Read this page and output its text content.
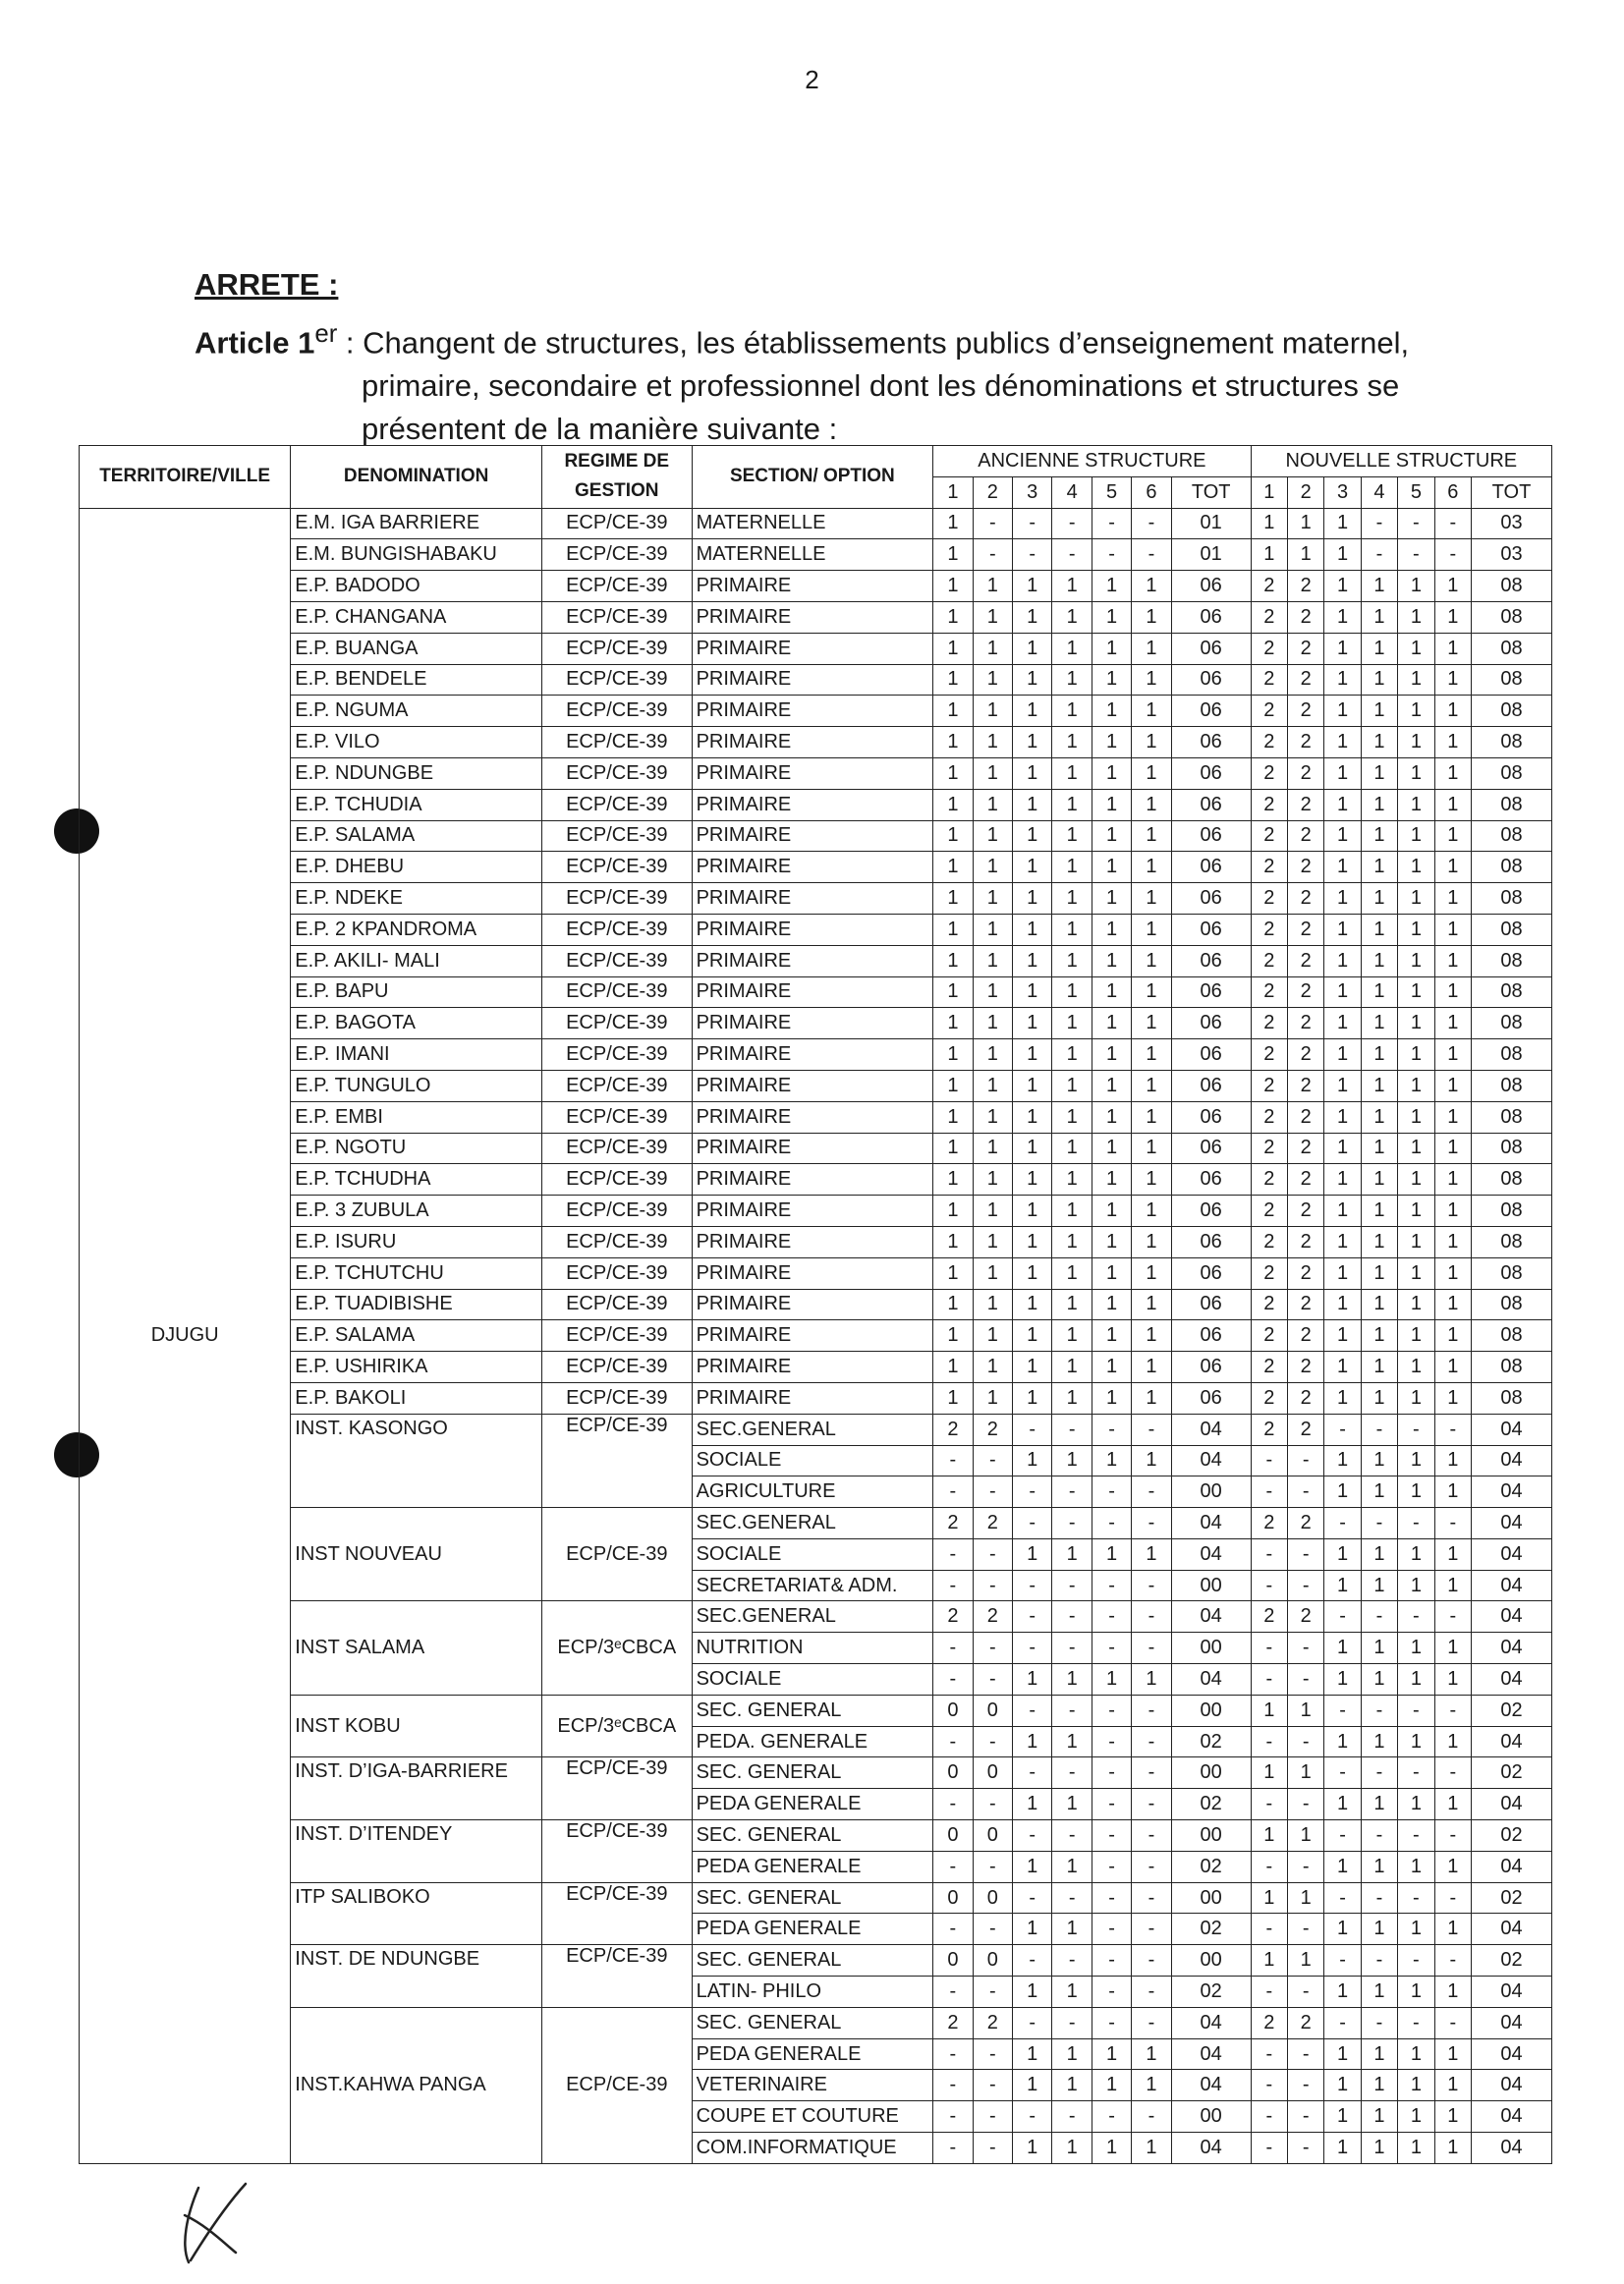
2
ARRETE :
Article 1er : Changent de structures, les établissements publics d’enseignement maternel,
primaire, secondaire et professionnel dont les dénominations et structures se
présentent de la manière suivante :
TERRITOIRE/VILLE	DENOMINATION	REGIME DE GESTION	SECTION/ OPTION	ANCIENNE STRUCTURE							NOUVELLE STRUCTURE						
				1	2	3	4	5	6	TOT	1	2	3	4	5	6	TOT
DJUGU	E.M. IGA BARRIERE	ECP/CE-39	MATERNELLE	1	-	-	-	-	-	01	1	1	1	-	-	-	03
	E.M. BUNGISHABAKU	ECP/CE-39	MATERNELLE	1	-	-	-	-	-	01	1	1	1	-	-	-	03
	E.P. BADODO	ECP/CE-39	PRIMAIRE	1	1	1	1	1	1	06	2	2	1	1	1	1	08
	E.P. CHANGANA	ECP/CE-39	PRIMAIRE	1	1	1	1	1	1	06	2	2	1	1	1	1	08
	E.P. BUANGA	ECP/CE-39	PRIMAIRE	1	1	1	1	1	1	06	2	2	1	1	1	1	08
	E.P. BENDELE	ECP/CE-39	PRIMAIRE	1	1	1	1	1	1	06	2	2	1	1	1	1	08
	E.P. NGUMA	ECP/CE-39	PRIMAIRE	1	1	1	1	1	1	06	2	2	1	1	1	1	08
	E.P. VILO	ECP/CE-39	PRIMAIRE	1	1	1	1	1	1	06	2	2	1	1	1	1	08
	E.P. NDUNGBE	ECP/CE-39	PRIMAIRE	1	1	1	1	1	1	06	2	2	1	1	1	1	08
	E.P. TCHUDIA	ECP/CE-39	PRIMAIRE	1	1	1	1	1	1	06	2	2	1	1	1	1	08
	E.P. SALAMA	ECP/CE-39	PRIMAIRE	1	1	1	1	1	1	06	2	2	1	1	1	1	08
	E.P. DHEBU	ECP/CE-39	PRIMAIRE	1	1	1	1	1	1	06	2	2	1	1	1	1	08
	E.P. NDEKE	ECP/CE-39	PRIMAIRE	1	1	1	1	1	1	06	2	2	1	1	1	1	08
	E.P. 2 KPANDROMA	ECP/CE-39	PRIMAIRE	1	1	1	1	1	1	06	2	2	1	1	1	1	08
	E.P. AKILI- MALI	ECP/CE-39	PRIMAIRE	1	1	1	1	1	1	06	2	2	1	1	1	1	08
	E.P. BAPU	ECP/CE-39	PRIMAIRE	1	1	1	1	1	1	06	2	2	1	1	1	1	08
	E.P. BAGOTA	ECP/CE-39	PRIMAIRE	1	1	1	1	1	1	06	2	2	1	1	1	1	08
	E.P. IMANI	ECP/CE-39	PRIMAIRE	1	1	1	1	1	1	06	2	2	1	1	1	1	08
	E.P. TUNGULO	ECP/CE-39	PRIMAIRE	1	1	1	1	1	1	06	2	2	1	1	1	1	08
	E.P. EMBI	ECP/CE-39	PRIMAIRE	1	1	1	1	1	1	06	2	2	1	1	1	1	08
	E.P. NGOTU	ECP/CE-39	PRIMAIRE	1	1	1	1	1	1	06	2	2	1	1	1	1	08
	E.P. TCHUDHA	ECP/CE-39	PRIMAIRE	1	1	1	1	1	1	06	2	2	1	1	1	1	08
	E.P. 3 ZUBULA	ECP/CE-39	PRIMAIRE	1	1	1	1	1	1	06	2	2	1	1	1	1	08
	E.P. ISURU	ECP/CE-39	PRIMAIRE	1	1	1	1	1	1	06	2	2	1	1	1	1	08
	E.P. TCHUTCHU	ECP/CE-39	PRIMAIRE	1	1	1	1	1	1	06	2	2	1	1	1	1	08
	E.P. TUADIBISHE	ECP/CE-39	PRIMAIRE	1	1	1	1	1	1	06	2	2	1	1	1	1	08
	E.P. SALAMA	ECP/CE-39	PRIMAIRE	1	1	1	1	1	1	06	2	2	1	1	1	1	08
	E.P. USHIRIKA	ECP/CE-39	PRIMAIRE	1	1	1	1	1	1	06	2	2	1	1	1	1	08
	E.P. BAKOLI	ECP/CE-39	PRIMAIRE	1	1	1	1	1	1	06	2	2	1	1	1	1	08
	INST. KASONGO	ECP/CE-39	SEC.GENERAL	2	2	-	-	-	-	04	2	2	-	-	-	-	04
			SOCIALE	-	-	1	1	1	1	04	-	-	1	1	1	1	04
			AGRICULTURE	-	-	-	-	-	-	00	-	-	1	1	1	1	04
	INST NOUVEAU	ECP/CE-39	SEC.GENERAL	2	2	-	-	-	-	04	2	2	-	-	-	-	04
			SOCIALE	-	-	1	1	1	1	04	-	-	1	1	1	1	04
			SECRETARIAT& ADM.	-	-	-	-	-	-	00	-	-	1	1	1	1	04
	INST SALAMA	ECP/3ᵉCBCA	SEC.GENERAL	2	2	-	-	-	-	04	2	2	-	-	-	-	04
			NUTRITION	-	-	-	-	-	-	00	-	-	1	1	1	1	04
			SOCIALE	-	-	1	1	1	1	04	-	-	1	1	1	1	04
	INST KOBU	ECP/3ᵉCBCA	SEC. GENERAL	0	0	-	-	-	-	00	1	1	-	-	-	-	02
			PEDA. GENERALE	-	-	1	1	-	-	02	-	-	1	1	1	1	04
	INST. D’IGA-BARRIERE	ECP/CE-39	SEC. GENERAL	0	0	-	-	-	-	00	1	1	-	-	-	-	02
			PEDA GENERALE	-	-	1	1	-	-	02	-	-	1	1	1	1	04
	INST. D’ITENDEY	ECP/CE-39	SEC. GENERAL	0	0	-	-	-	-	00	1	1	-	-	-	-	02
			PEDA GENERALE	-	-	1	1	-	-	02	-	-	1	1	1	1	04
	ITP SALIBOKO	ECP/CE-39	SEC. GENERAL	0	0	-	-	-	-	00	1	1	-	-	-	-	02
			PEDA GENERALE	-	-	1	1	-	-	02	-	-	1	1	1	1	04
	INST. DE NDUNGBE	ECP/CE-39	SEC. GENERAL	0	0	-	-	-	-	00	1	1	-	-	-	-	02
			LATIN- PHILO	-	-	1	1	-	-	02	-	-	1	1	1	1	04
	INST.KAHWA PANGA	ECP/CE-39	SEC. GENERAL	2	2	-	-	-	-	04	2	2	-	-	-	-	04
			PEDA GENERALE	-	-	1	1	1	1	04	-	-	1	1	1	1	04
			VETERINAIRE	-	-	1	1	1	1	04	-	-	1	1	1	1	04
			COUPE ET COUTURE	-	-	-	-	-	-	00	-	-	1	1	1	1	04
			COM.INFORMATIQUE	-	-	1	1	1	1	04	-	-	1	1	1	1	04
